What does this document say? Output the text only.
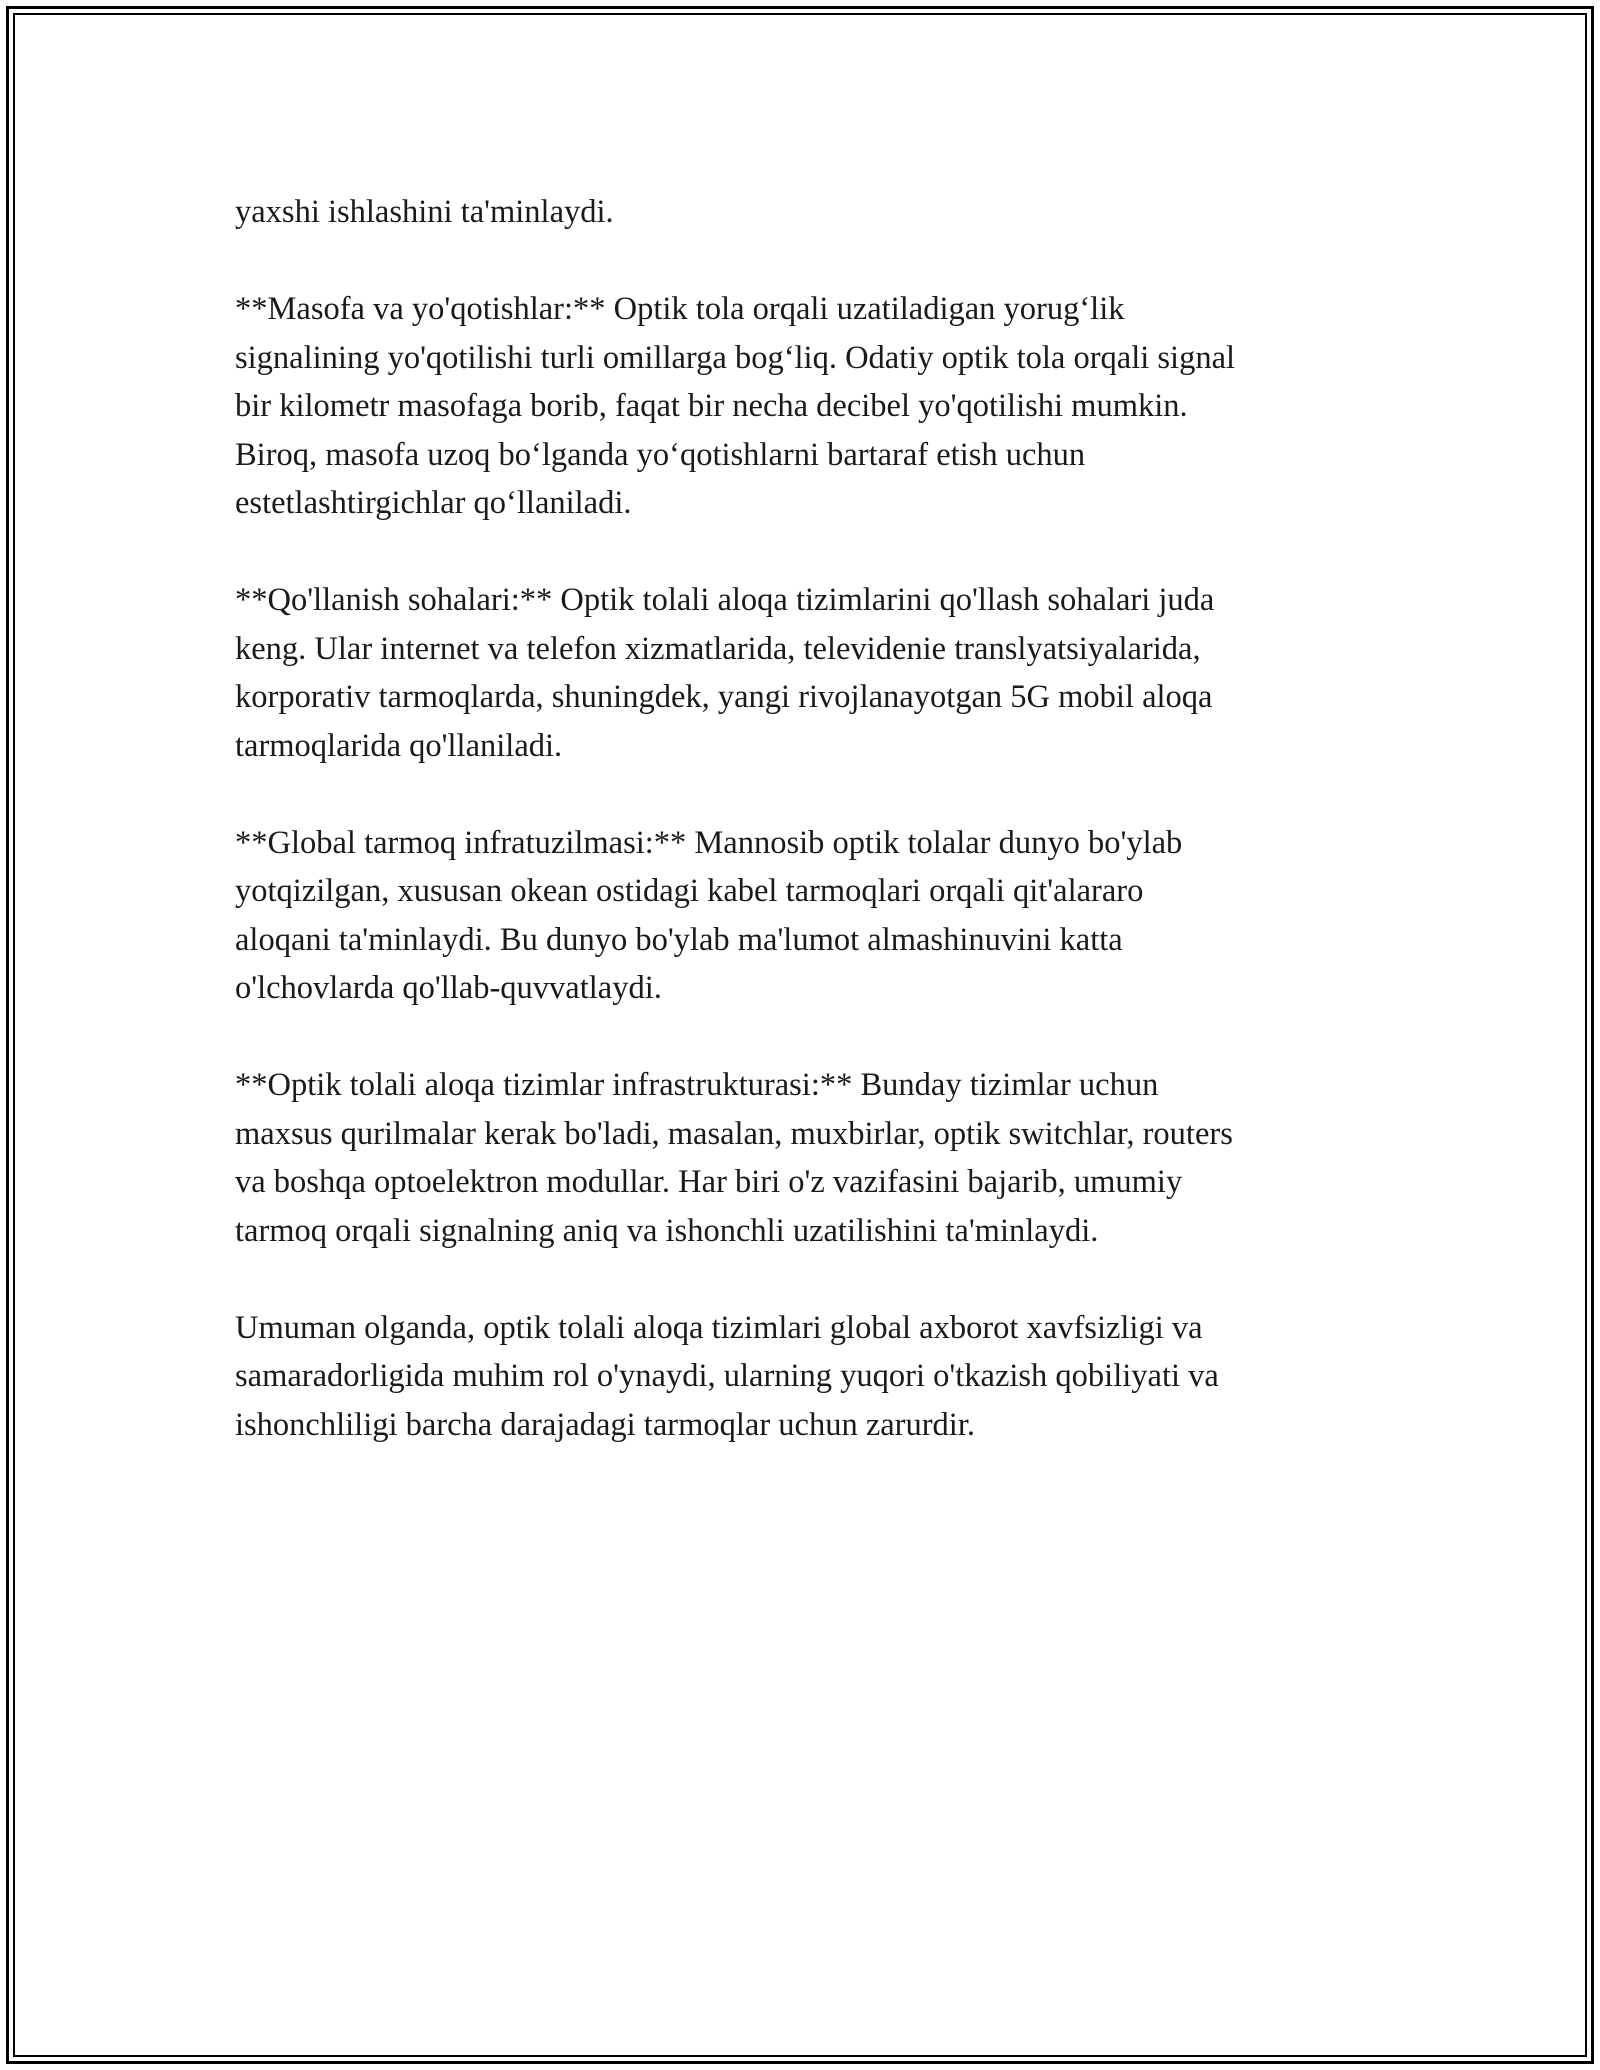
yaxshi ishlashini ta'minlaydi.

**Masofa va yo'qotishlar:** Optik tola orqali uzatiladigan yorug‘lik
signalining yo'qotilishi turli omillarga bog‘liq. Odatiy optik tola orqali signal
bir kilometr masofaga borib, faqat bir necha decibel yo'qotilishi mumkin.
Biroq, masofa uzoq bo‘lganda yo‘qotishlarni bartaraf etish uchun
estetlashtirgichlar qo‘llaniladi.

**Qo'llanish sohalari:** Optik tolali aloqa tizimlarini qo'llash sohalari juda
keng. Ular internet va telefon xizmatlarida, televidenie translyatsiyalarida,
korporativ tarmoqlarda, shuningdek, yangi rivojlanayotgan 5G mobil aloqa
tarmoqlarida qo'llaniladi.

**Global tarmoq infratuzilmasi:** Mannosib optik tolalar dunyo bo'ylab
yotqizilgan, xususan okean ostidagi kabel tarmoqlari orqali qit'alararo
aloqani ta'minlaydi. Bu dunyo bo'ylab ma'lumot almashinuvini katta
o'lchovlarda qo'llab-quvvatlaydi.

**Optik tolali aloqa tizimlar infrastrukturasi:** Bunday tizimlar uchun
maxsus qurilmalar kerak bo'ladi, masalan, muxbirlar, optik switchlar, routers
va boshqa optoelektron modullar. Har biri o'z vazifasini bajarib, umumiy
tarmoq orqali signalning aniq va ishonchli uzatilishini ta'minlaydi.

Umuman olganda, optik tolali aloqa tizimlari global axborot xavfsizligi va
samaradorligida muhim rol o'ynaydi, ularning yuqori o'tkazish qobiliyati va
ishonchliligi barcha darajadagi tarmoqlar uchun zarurdir.
